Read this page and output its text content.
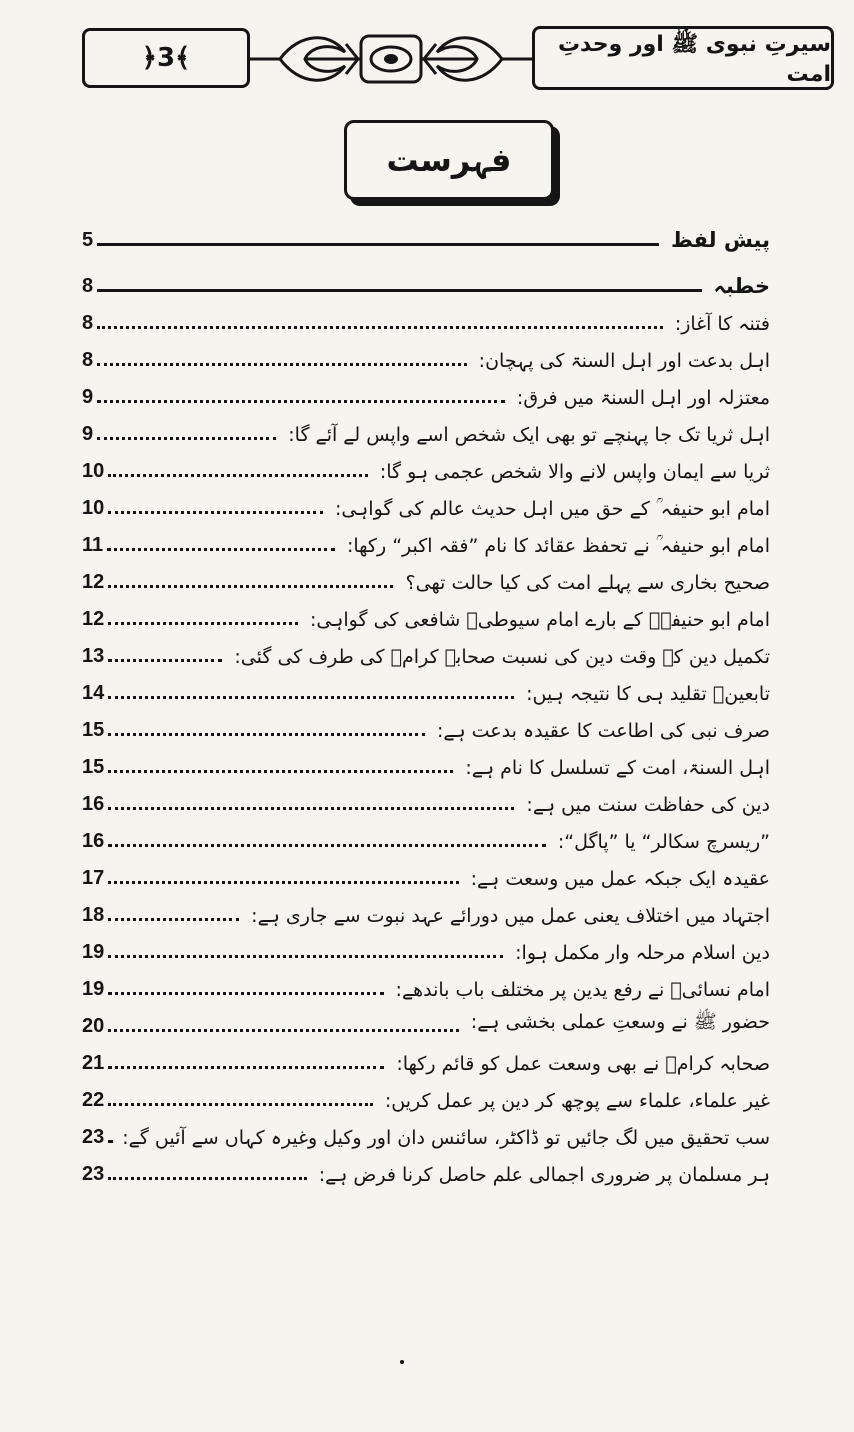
﴿3﴾	سیرتِ نبوی ﷺ اور وحدتِ امت
فہرست
پیش لفظ
5
خطبہ
8
فتنہ کا آغاز:
8
اہل بدعت اور اہل السنۃ کی پہچان:
8
معتزلہ اور اہل السنۃ میں فرق:
9
اہل ثریا تک جا پہنچے تو بھی ایک شخص اسے واپس لے آئے گا:
9
ثریا سے ایمان واپس لانے والا شخص عجمی ہو گا:
10
امام ابو حنیفہ ؒ کے حق میں اہل حدیث عالم کی گواہی:
10
امام ابو حنیفہ ؒ نے تحفظ عقائد کا نام ”فقہ اکبر“ رکھا:
11
صحیح بخاری سے پہلے امت کی کیا حالت تھی؟
12
امام ابو حنیفہؒ کے بارے امام سیوطیؒ شافعی کی گواہی:
12
تکمیل دین کے وقت دین کی نسبت صحابہ کرامؓ کی طرف کی گئی:
13
تابعینؒ تقلید ہی کا نتیجہ ہیں:
14
صرف نبی کی اطاعت کا عقیدہ بدعت ہے:
15
اہل السنۃ، امت کے تسلسل کا نام ہے:
15
دین کی حفاظت سنت میں ہے:
16
”ریسرچ سکالر“ یا ”پاگل“:
16
عقیدہ ایک جبکہ عمل میں وسعت ہے:
17
اجتہاد میں اختلاف یعنی عمل میں دورائے عہد نبوت سے جاری ہے:
18
دین اسلام مرحلہ وار مکمل ہوا:
19
امام نسائیؒ نے رفع یدین پر مختلف باب باندھے:
19
حضور ﷺ نے وسعتِ عملی بخشی ہے:
20
صحابہ کرامؓ نے بھی وسعت عمل کو قائم رکھا:
21
غیر علماء، علماء سے پوچھ کر دین پر عمل کریں:
22
سب تحقیق میں لگ جائیں تو ڈاکٹر، سائنس دان اور وکیل وغیرہ کہاں سے آئیں گے:
23
ہر مسلمان پر ضروری اجمالی علم حاصل کرنا فرض ہے:
23
